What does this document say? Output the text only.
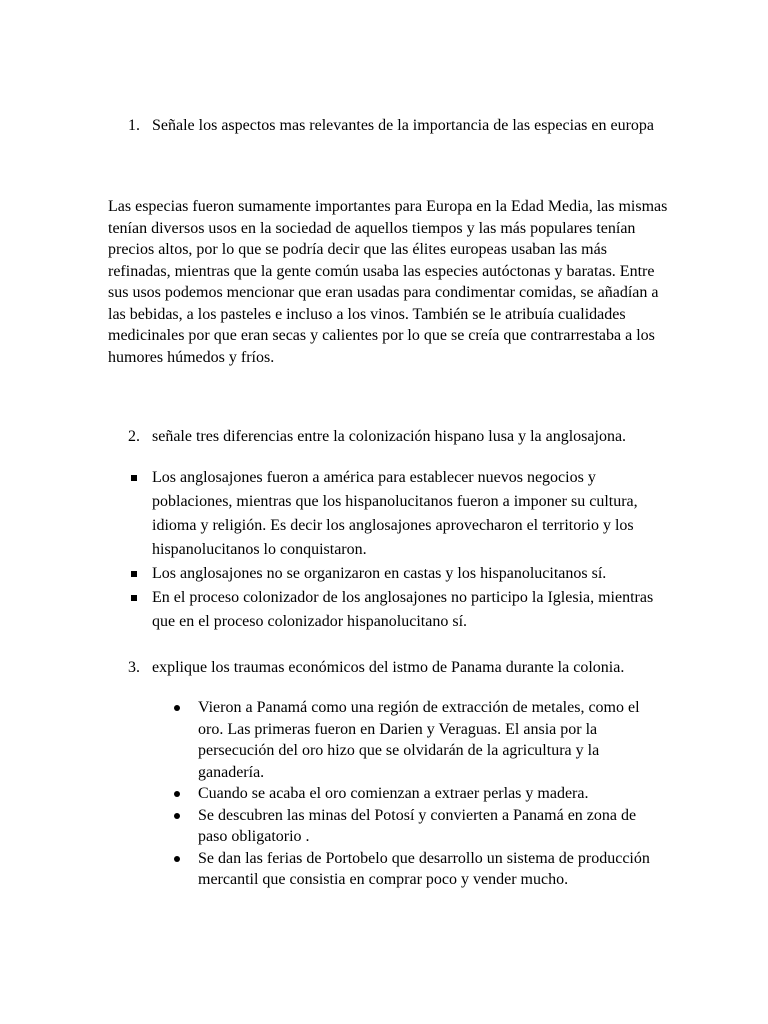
1. Señale los aspectos mas relevantes de la importancia de las especias en europa

Las especias fueron sumamente importantes para Europa en la Edad Media, las mismas tenían diversos usos en la sociedad de aquellos tiempos y las más populares tenían precios altos, por lo que se podría decir que las élites europeas usaban las más refinadas, mientras que la gente común usaba las especies autóctonas y baratas. Entre sus usos podemos mencionar que eran usadas para condimentar comidas, se añadían a las bebidas, a los pasteles e incluso a los vinos. También se le atribuía cualidades medicinales por que eran secas y calientes por lo que se creía que contrarrestaba a los humores húmedos y fríos.

2. señale tres diferencias entre la colonización hispano lusa y la anglosajona.
Los anglosajones fueron a américa para establecer nuevos negocios y poblaciones, mientras que los hispanolucitanos fueron a imponer su cultura, idioma y religión. Es decir los anglosajones aprovecharon el territorio y los hispanolucitanos lo conquistaron.
Los anglosajones no se organizaron en castas y los hispanolucitanos sí.
En el proceso colonizador de los anglosajones no participo la Iglesia, mientras que en el proceso colonizador hispanolucitano sí.
3. explique los traumas económicos del istmo de Panama durante la colonia.
Vieron a Panamá como una región de extracción de metales, como el oro. Las primeras fueron en Darien y Veraguas. El ansia por la persecución del oro hizo que se olvidarán de la agricultura y la ganadería.
Cuando se acaba el oro comienzan a extraer perlas y madera.
Se descubren las minas del Potosí y convierten a Panamá en zona de paso obligatorio .
Se dan las ferias de Portobelo que desarrollo un sistema de producción mercantil que consistia en comprar poco y vender mucho.
